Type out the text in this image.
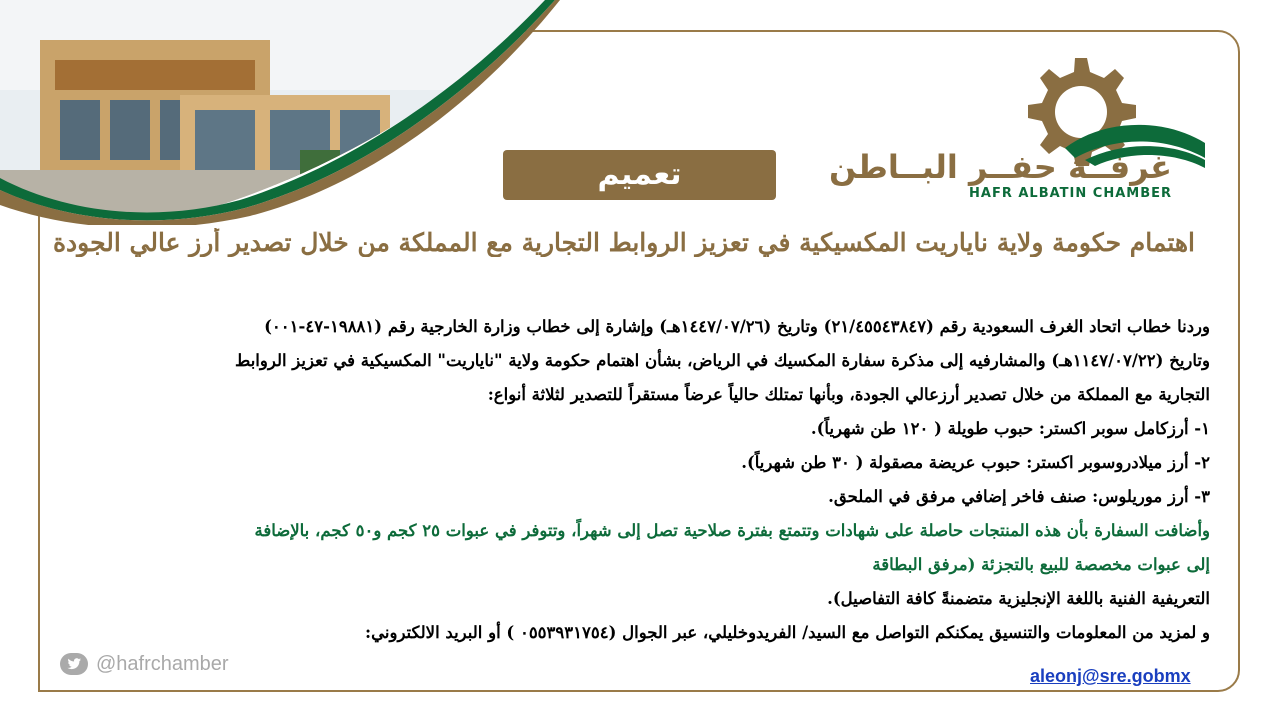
غرفــة حفــر البــاطن
HAFR ALBATIN CHAMBER
تعميم
اهتمام حكومة ولاية ناياريت المكسيكية في تعزيز الروابط التجارية مع المملكة من خلال تصدير أرز عالي الجودة
وردنا خطاب اتحاد الغرف السعودية رقم (٢١/٤٥٥٤٣٨٤٧) وتاريخ (١٤٤٧/٠٧/٢٦هـ) وإشارة إلى خطاب وزارة الخارجية رقم (١٩٨٨١-٤٧-٠٠١)
وتاريخ (١١٤٧/٠٧/٢٢هـ) والمشارفيه إلى مذكرة سفارة المكسيك في الرياض، بشأن اهتمام حكومة ولاية "ناياريت" المكسيكية في تعزيز الروابط
التجارية مع المملكة من خلال تصدير أرزعالي الجودة، وبأنها تمتلك حالياً عرضاً مستقراً للتصدير لثلاثة أنواع:
١- أرزكامل سوبر اكستر: حبوب طويلة ( ١٢٠ طن شهرياً).
٢- أرز ميلادروسوبر اكستر: حبوب عريضة مصقولة ( ٣٠ طن شهرياً).
٣- أرز موريلوس: صنف فاخر إضافي مرفق في الملحق.
وأضافت السفارة بأن هذه المنتجات حاصلة على شهادات وتتمتع بفترة صلاحية تصل إلى شهراً، وتتوفر في عبوات ٢٥ كجم و٥٠ كجم، بالإضافة
إلى عبوات مخصصة للبيع بالتجزئة (مرفق البطاقة
التعريفية الفنية باللغة الإنجليزية متضمنةً كافة التفاصيل).
و لمزيد من المعلومات والتنسيق يمكنكم التواصل مع السيد/ الفريدوخليلي، عبر الجوال (٠٥٥٣٩٣١٧٥٤ ) أو البريد الالكتروني:
@hafrchamber
aleonj@sre.gobmx
